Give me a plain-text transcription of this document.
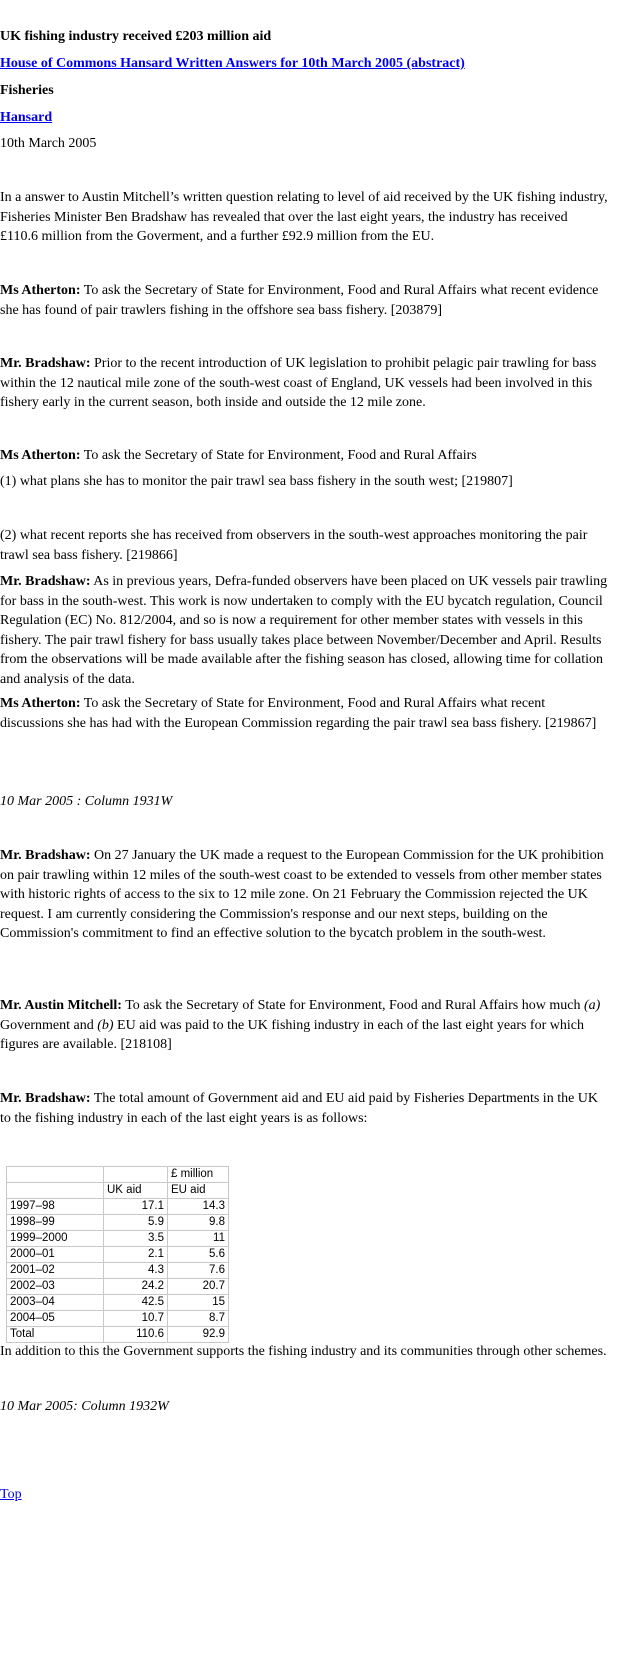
UK fishing industry received £203 million aid

House of Commons Hansard Written Answers for 10th March 2005 (abstract)

Fisheries

Hansard

10th March 2005

In a answer to Austin Mitchell’s written question relating to level of aid received by the UK fishing industry, Fisheries Minister Ben Bradshaw has revealed that over the last eight years, the industry has received £110.6 million from the Goverment, and a further £92.9 million from the EU.

Ms Atherton: To ask the Secretary of State for Environment, Food and Rural Affairs what recent evidence she has found of pair trawlers fishing in the offshore sea bass fishery. [203879]

Mr. Bradshaw: Prior to the recent introduction of UK legislation to prohibit pelagic pair trawling for bass within the 12 nautical mile zone of the south-west coast of England, UK vessels had been involved in this fishery early in the current season, both inside and outside the 12 mile zone.

Ms Atherton: To ask the Secretary of State for Environment, Food and Rural Affairs

(1) what plans she has to monitor the pair trawl sea bass fishery in the south west; [219807]

(2) what recent reports she has received from observers in the south-west approaches monitoring the pair trawl sea bass fishery. [219866]

Mr. Bradshaw: As in previous years, Defra-funded observers have been placed on UK vessels pair trawling for bass in the south-west. This work is now undertaken to comply with the EU bycatch regulation, Council Regulation (EC) No. 812/2004, and so is now a requirement for other member states with vessels in this fishery. The pair trawl fishery for bass usually takes place between November/December and April. Results from the observations will be made available after the fishing season has closed, allowing time for collation and analysis of the data.

Ms Atherton: To ask the Secretary of State for Environment, Food and Rural Affairs what recent discussions she has had with the European Commission regarding the pair trawl sea bass fishery. [219867]

10 Mar 2005 : Column 1931W

Mr. Bradshaw: On 27 January the UK made a request to the European Commission for the UK prohibition on pair trawling within 12 miles of the south-west coast to be extended to vessels from other member states with historic rights of access to the six to 12 mile zone. On 21 February the Commission rejected the UK request. I am currently considering the Commission's response and our next steps, building on the Commission's commitment to find an effective solution to the bycatch problem in the south-west.

Mr. Austin Mitchell: To ask the Secretary of State for Environment, Food and Rural Affairs how much (a) Government and (b) EU aid was paid to the UK fishing industry in each of the last eight years for which figures are available. [218108]

Mr. Bradshaw: The total amount of Government aid and EU aid paid by Fisheries Departments in the UK to the fishing industry in each of the last eight years is as follows:

		£ million
	UK aid	EU aid
1997–98	17.1	14.3
1998–99	5.9	9.8
1999–2000	3.5	11
2000–01	2.1	5.6
2001–02	4.3	7.6
2002–03	24.2	20.7
2003–04	42.5	15
2004–05	10.7	8.7
Total	110.6	92.9

In addition to this the Government supports the fishing industry and its communities through other schemes.

10 Mar 2005: Column 1932W

Top
